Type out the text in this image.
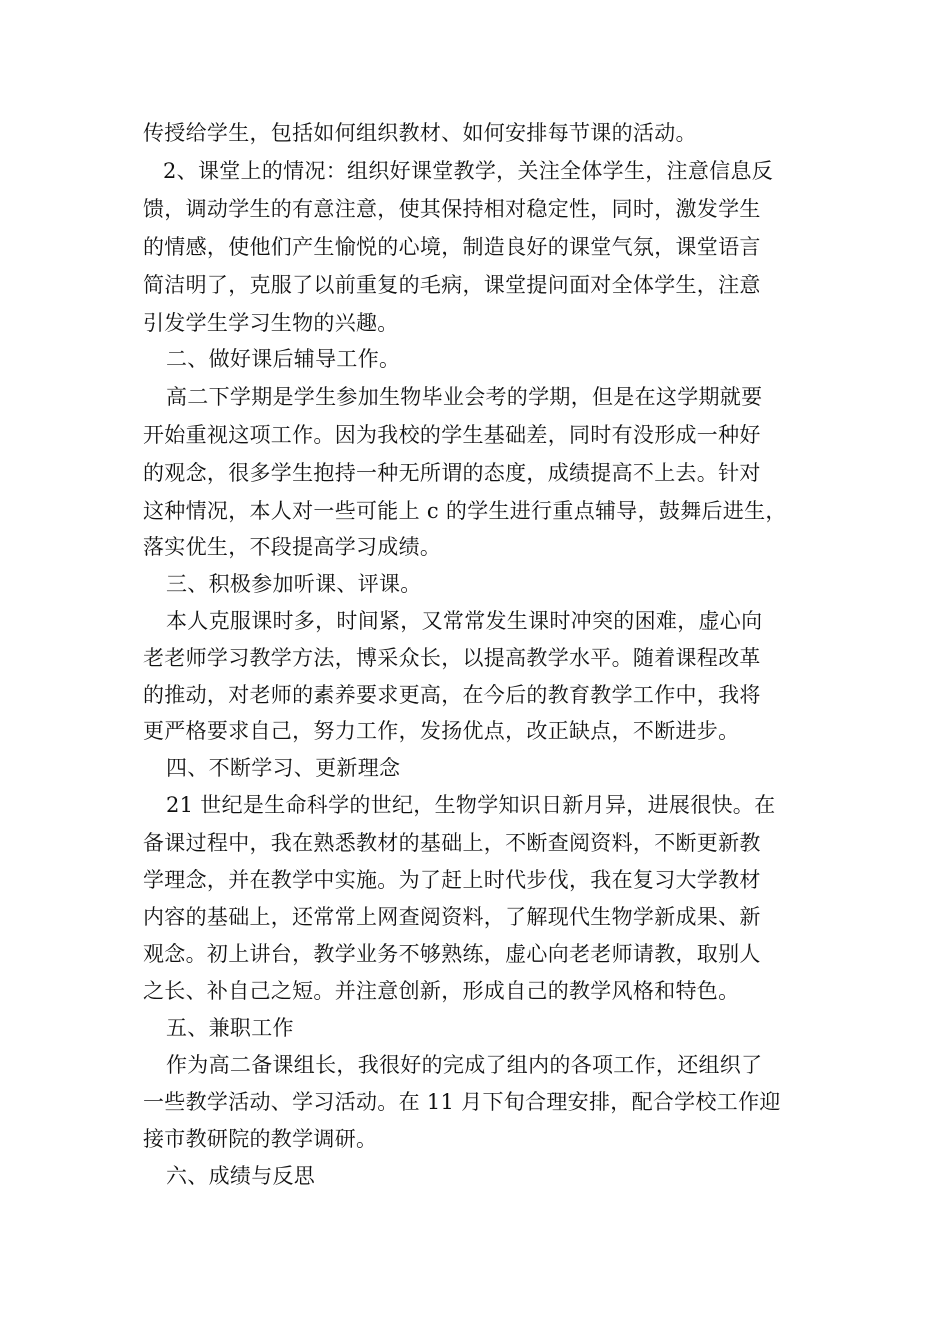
传授给学生，包括如何组织教材、如何安排每节课的活动。
2、课堂上的情况：组织好课堂教学，关注全体学生，注意信息反
馈，调动学生的有意注意，使其保持相对稳定性，同时，激发学生
的情感，使他们产生愉悦的心境，制造良好的课堂气氛，课堂语言
简洁明了，克服了以前重复的毛病，课堂提问面对全体学生，注意
引发学生学习生物的兴趣。
二、做好课后辅导工作。
高二下学期是学生参加生物毕业会考的学期，但是在这学期就要
开始重视这项工作。因为我校的学生基础差，同时有没形成一种好
的观念，很多学生抱持一种无所谓的态度，成绩提高不上去。针对
这种情况，本人对一些可能上 c 的学生进行重点辅导，鼓舞后进生，
落实优生，不段提高学习成绩。
三、积极参加听课、评课。
本人克服课时多，时间紧，又常常发生课时冲突的困难，虚心向
老老师学习教学方法，博采众长，以提高教学水平。随着课程改革
的推动，对老师的素养要求更高，在今后的教育教学工作中，我将
更严格要求自己，努力工作，发扬优点，改正缺点，不断进步。
四、不断学习、更新理念
21 世纪是生命科学的世纪，生物学知识日新月异，进展很快。在
备课过程中，我在熟悉教材的基础上，不断查阅资料，不断更新教
学理念，并在教学中实施。为了赶上时代步伐，我在复习大学教材
内容的基础上，还常常上网查阅资料，了解现代生物学新成果、新
观念。初上讲台，教学业务不够熟练，虚心向老老师请教，取别人
之长、补自己之短。并注意创新，形成自己的教学风格和特色。
五、兼职工作
作为高二备课组长，我很好的完成了组内的各项工作，还组织了
一些教学活动、学习活动。在 11 月下旬合理安排，配合学校工作迎
接市教研院的教学调研。
六、成绩与反思
